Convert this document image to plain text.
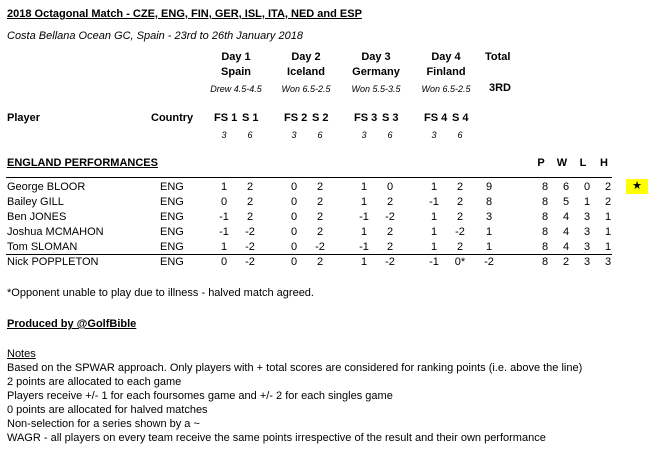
2018 Octagonal Match - CZE, ENG, FIN, GER, ISL, ITA, NED and ESP
Costa Bellana Ocean GC, Spain - 23rd to 26th January 2018
Day 1
Spain
Drew 4.5-4.5
Day 2
Iceland
Won 6.5-2.5
Day 3
Germany
Won 5.5-3.5
Day 4
Finland
Won 6.5-2.5
Total
3RD
Player	Country FS 1 S 1 FS 2 S 2 FS 3 S 3 FS 4 S 4
3	6	3	6	3	6	3	6
P	W	L	H
ENGLAND PERFORMANCES
George BLOOR	ENG	1	2	0	2	1	0	1	2	9	8	6	0	2
Bailey GILL	ENG	0	2	0	2	1	2	-1	2	8	8	5	1	2
Ben JONES	ENG	-1	2	0	2	-1	-2	1	2	3	8	4	3	1
Joshua MCMAHON	ENG	-1	-2	0	2	1	2	1	-2	1	8	4	3	1
Tom SLOMAN	ENG	1	-2	0	-2	-1	2	1	2	1	8	4	3	1
Nick POPPLETON	ENG	0	-2	0	2	1	-2	-1	0*	-2	8	2	3	3
★
*Opponent unable to play due to illness - halved match agreed.
Produced by @GolfBible
Notes
Based on the SPWAR approach. Only players with + total scores are considered for ranking points (i.e. above the line)
2 points are allocated to each game
Players receive +/- 1 for each foursomes game and +/- 2 for each singles game
0 points are allocated for halved matches
Non-selection for a series shown by a ~
WAGR - all players on every team receive the same points irrespective of the result and their own performance
